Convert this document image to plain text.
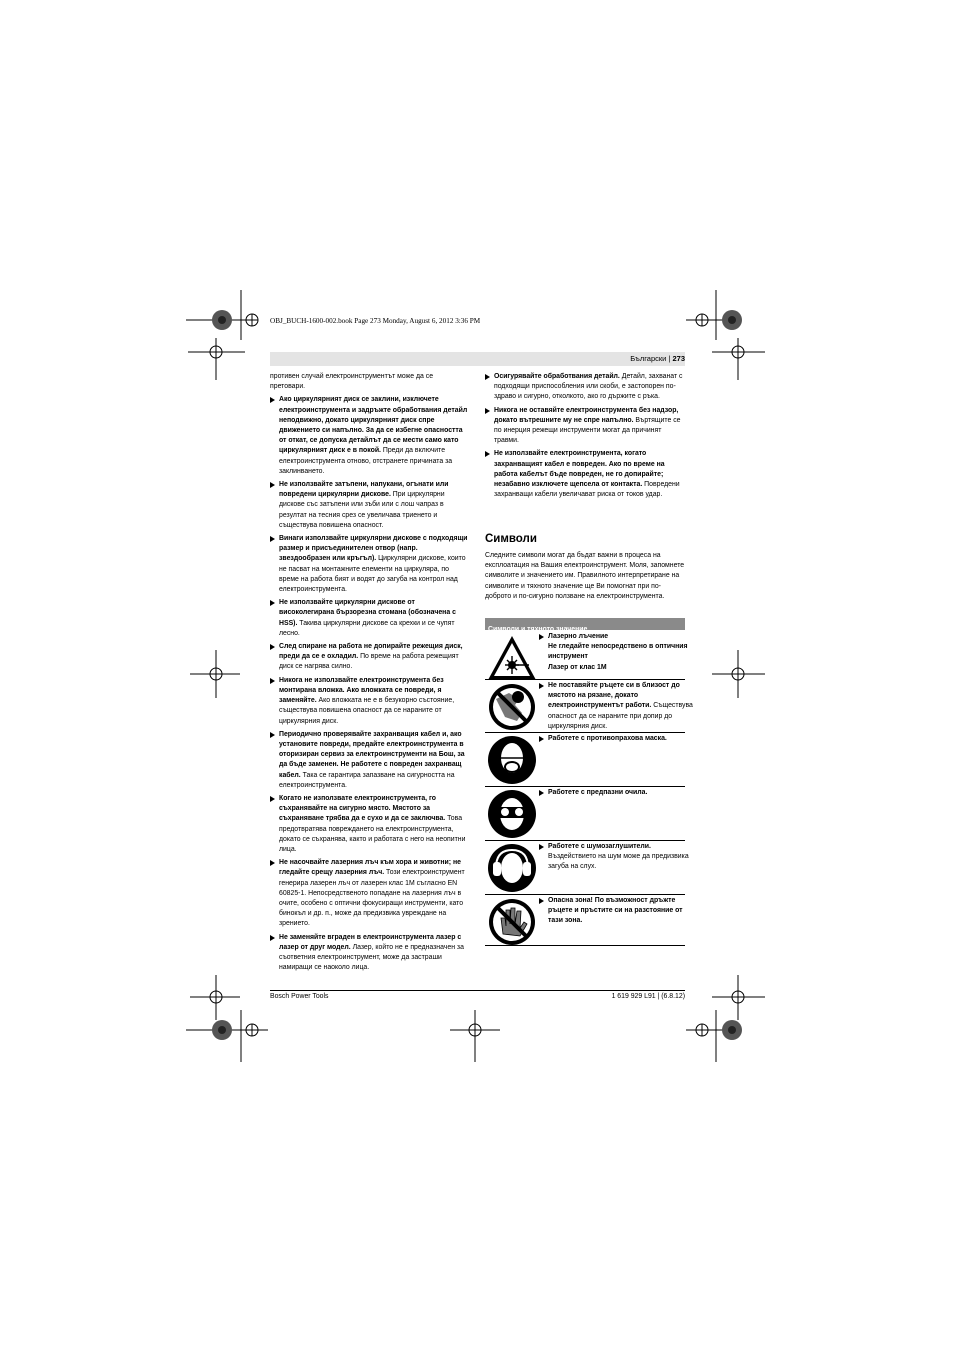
OBJ_BUCH-1600-002.book Page 273 Monday, August 6, 2012 3:36 PM
Български | 273

противен случай електроинструментът може да се претовари.

Ако циркулярният диск се заклини, изключете електроинструмента и задръжте обработвания детайл неподвижно, докато циркулярният диск спре движението си напълно. За да се избегне опасността от откат, се допуска детайлът да се мести само като циркулярният диск е в покой. Преди да включите електроинструмента отново, отстранете причината за заклинването.
Не използвайте затъпени, напукани, огънати или повредени циркулярни дискове. При циркулярни дискове със затъпени или зъби или с лош чапраз в резултат на тесния срез се увеличава триенето и съществува повишена опасност.
Винаги използвайте циркулярни дискове с подходящи размер и присъединителен отвор (напр. звездообразен или кръгъл). Циркулярни дискове, които не пасват на монтажните елементи на циркуляра, по време на работа бият и водят до загуба на контрол над електроинструмента.
Не използвайте циркулярни дискове от високолегирана бързорезна стомана (обозначена с HSS). Такива циркулярни дискове са крехки и се чупят лесно.
След спиране на работа не допирайте режещия диск, преди да се е охладил. По време на работа режещият диск се нагрява силно.
Никога не използвайте електроинструмента без монтирана вложка. Ако вложката се повреди, я заменяйте. Ако вложката не е в безукорно състояние, съществува повишена опасност да се нараните от циркулярния диск.
Периодично проверявайте захранващия кабел и, ако установите повреди, предайте електроинструмента в оторизиран сервиз за електроинструменти на Бош, за да бъде заменен. Не работете с повреден захранващ кабел. Така се гарантира запазване на сигурността на електроинструмента.
Когато не използвате електроинструмента, го съхранявайте на сигурно място. Мястото за съхраняване трябва да е сухо и да се заключва. Това предотвратява повреждането на електроинструмента, докато се съхранява, както и работата с него на неопитни лица.
Не насочвайте лазерния лъч към хора и животни; не гледайте срещу лазерния лъч. Този електроинструмент генерира лазерен лъч от лазерен клас 1M съгласно EN 60825-1. Непосредственото попадане на лазерния лъч в очите, особено с оптични фокусиращи инструменти, като бинокъл и др. п., може да предизвика увреждане на зрението.
Не заменяйте вграден в електроинструмента лазер с лазер от друг модел. Лазер, който не е предназначен за съответния електроинструмент, може да застраши намиращи се наоколо лица.
Осигурявайте обработвания детайл. Детайл, захванат с подходящи приспособления или скоби, е застопорен по-здраво и сигурно, отколкото, ако го държите с ръка.
Никога не оставяйте електроинструмента без надзор, докато вътрешните му не спре напълно. Въртящите се по инерция режещи инструменти могат да причинят травми.
Не използвайте електроинструмента, когато захранващият кабел е повреден. Ако по време на работа кабелът бъде повреден, не го допирайте; незабавно изключете щепсела от контакта. Повредени захранващи кабели увеличават риска от токов удар.
Символи
Следните символи могат да бъдат важни в процеса на експлоатация на Вашия електроинструмент. Моля, запомнете символите и значението им. Правилното интерпретиране на символите и тяхното значение ще Ви помогнат при по-доброто и по-сигурно ползване на електроинструмента.
Символи и тяхното значение
Лазерно лъчение
Не гледайте непосредствено в оптичния инструмент
Лазер от клас 1M
Не поставяйте ръцете си в близост до мястото на рязане, докато електроинструментът работи. Съществува опасност да се нараните при допир до циркулярния диск.
Работете с противопрахова маска.
Работете с предпазни очила.
Работете с шумозаглушители. Въздействието на шум може да предизвика загуба на слух.
Опасна зона! По възможност дръжте ръцете и пръстите си на разстояние от тази зона.
Bosch Power Tools	1 619 929 L91 | (6.8.12)
